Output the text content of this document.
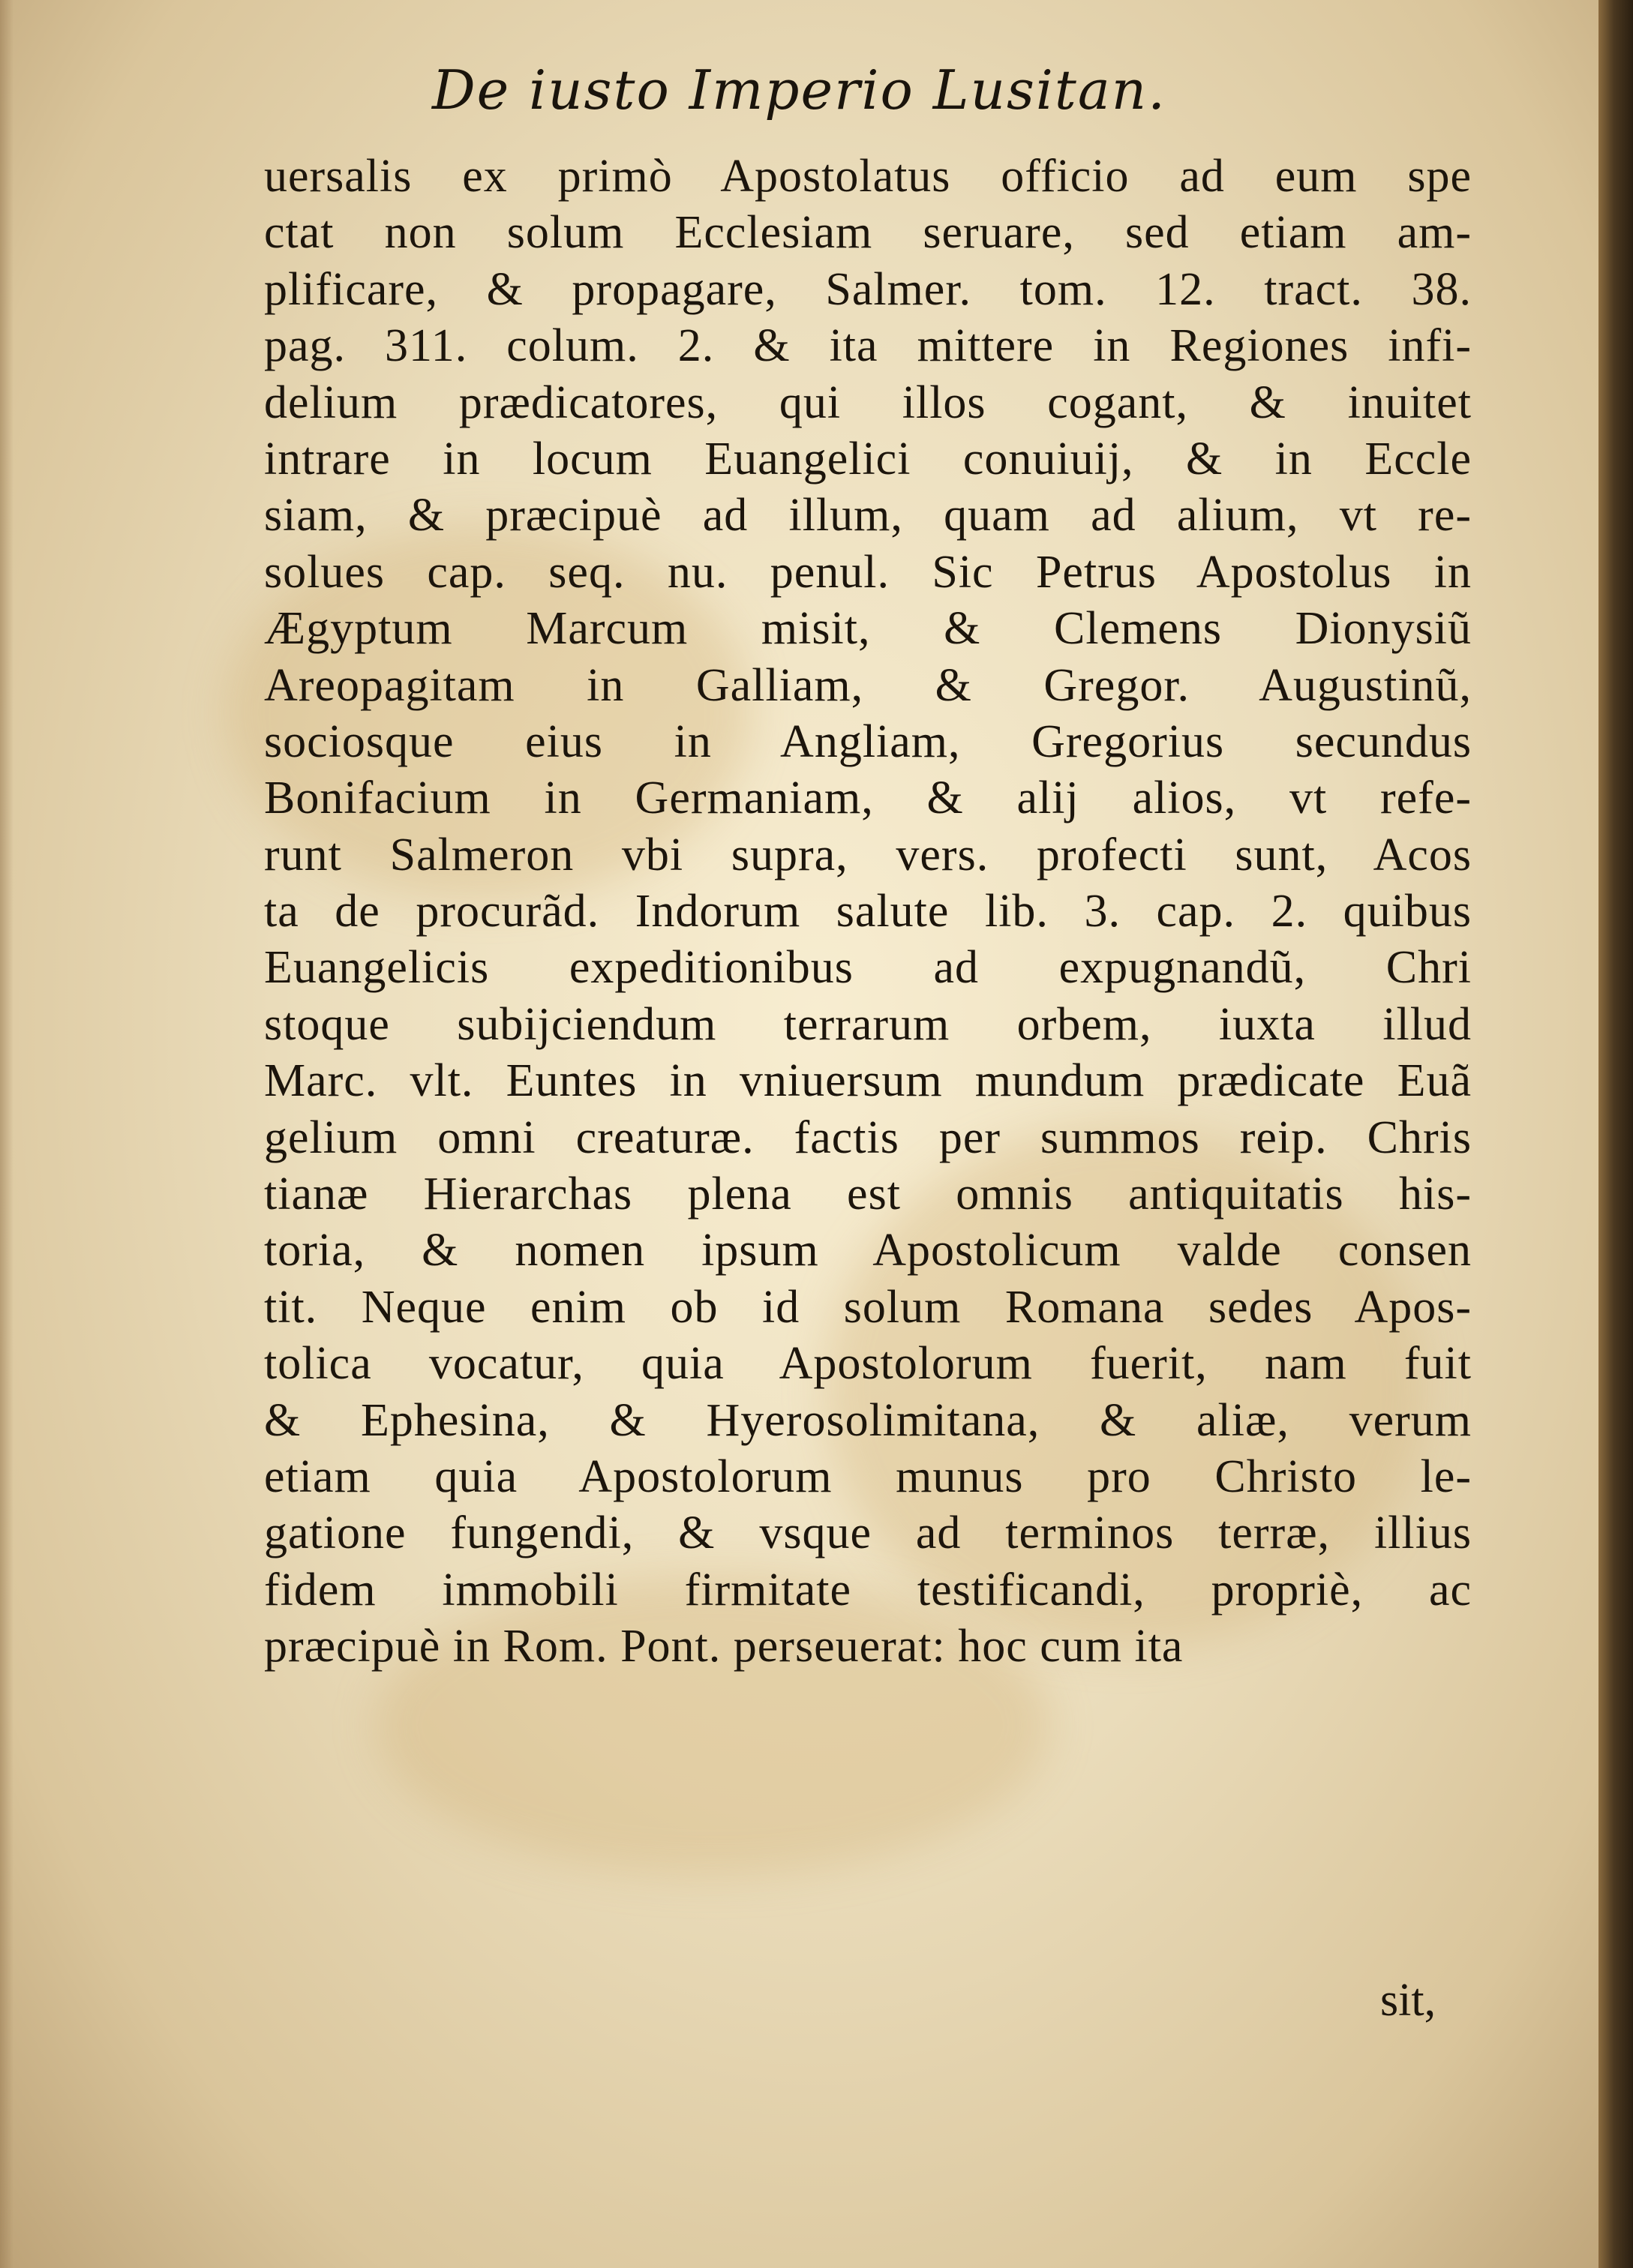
De iusto Imperio Lusitan.
uersalis ex primò Apostolatus officio ad eum spe
ctat non solum Ecclesiam seruare, sed etiam am-
plificare, & propagare, Salmer. tom. 12. tract. 38.
pag. 311. colum. 2. & ita mittere in Regiones infi-
delium prædicatores, qui illos cogant, & inuitet
intrare in locum Euangelici conuiuij, & in Eccle
siam, & præcipuè ad illum, quam ad alium, vt re-
solues cap. seq. nu. penul. Sic Petrus Apostolus in
Ægyptum Marcum misit, & Clemens Dionysiũ
Areopagitam in Galliam, & Gregor. Augustinũ,
sociosque eius in Angliam, Gregorius secundus
Bonifacium in Germaniam, & alij alios, vt refe-
runt Salmeron vbi supra, vers. profecti sunt, Acos
ta de procurãd. Indorum salute lib. 3. cap. 2. quibus
Euangelicis expeditionibus ad expugnandũ, Chri
stoque subijciendum terrarum orbem, iuxta illud
Marc. vlt. Euntes in vniuersum mundum prædicate Euã
gelium omni creaturæ. factis per summos reip. Chris
tianæ Hierarchas plena est omnis antiquitatis his-
toria, & nomen ipsum Apostolicum valde consen
tit. Neque enim ob id solum Romana sedes Apos-
tolica vocatur, quia Apostolorum fuerit, nam fuit
& Ephesina, & Hyerosolimitana, & aliæ, verum
etiam quia Apostolorum munus pro Christo le-
gatione fungendi, & vsque ad terminos terræ, illius
fidem immobili firmitate testificandi, propriè, ac
præcipuè in Rom. Pont. perseuerat: hoc cum ita
sit,
